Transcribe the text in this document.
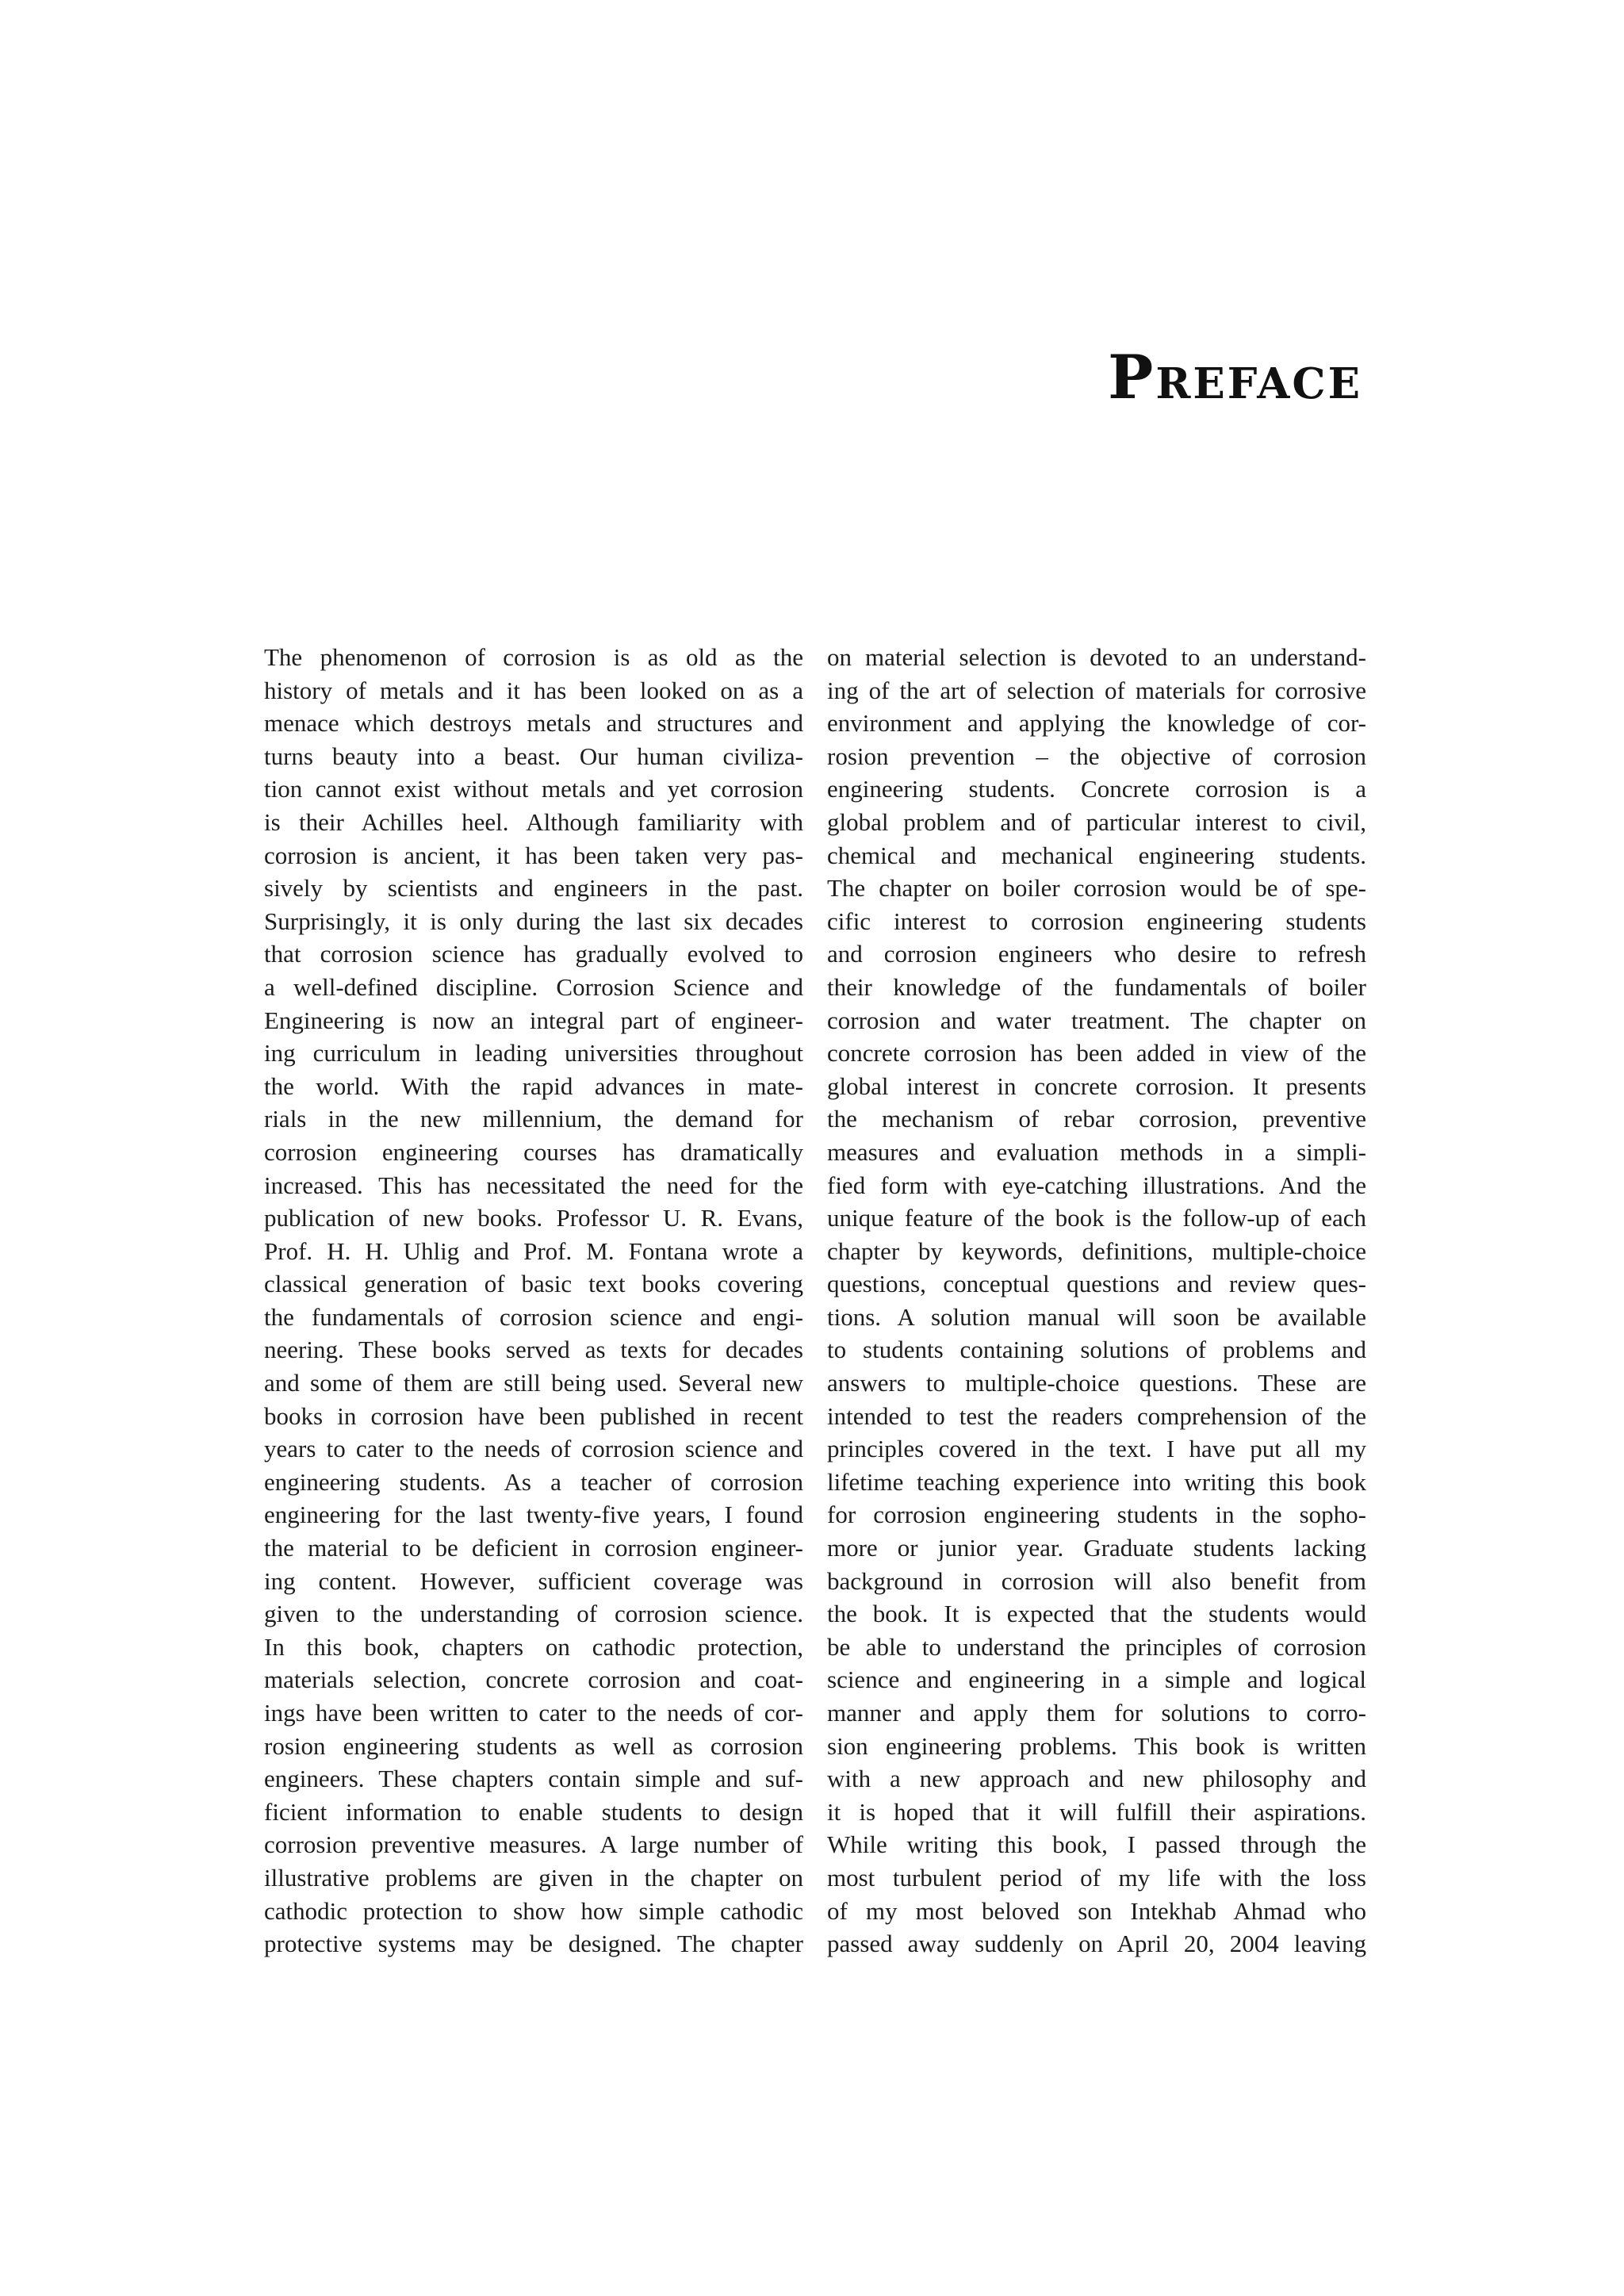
Preface
The phenomenon of corrosion is as old as the
history of metals and it has been looked on as a
menace which destroys metals and structures and
turns beauty into a beast. Our human civiliza-
tion cannot exist without metals and yet corrosion
is their Achilles heel. Although familiarity with
corrosion is ancient, it has been taken very pas-
sively by scientists and engineers in the past.
Surprisingly, it is only during the last six decades
that corrosion science has gradually evolved to
a well-defined discipline. Corrosion Science and
Engineering is now an integral part of engineer-
ing curriculum in leading universities throughout
the world. With the rapid advances in mate-
rials in the new millennium, the demand for
corrosion engineering courses has dramatically
increased. This has necessitated the need for the
publication of new books. Professor U. R. Evans,
Prof. H. H. Uhlig and Prof. M. Fontana wrote a
classical generation of basic text books covering
the fundamentals of corrosion science and engi-
neering. These books served as texts for decades
and some of them are still being used. Several new
books in corrosion have been published in recent
years to cater to the needs of corrosion science and
engineering students. As a teacher of corrosion
engineering for the last twenty-five years, I found
the material to be deficient in corrosion engineer-
ing content. However, sufficient coverage was
given to the understanding of corrosion science.
In this book, chapters on cathodic protection,
materials selection, concrete corrosion and coat-
ings have been written to cater to the needs of cor-
rosion engineering students as well as corrosion
engineers. These chapters contain simple and suf-
ficient information to enable students to design
corrosion preventive measures. A large number of
illustrative problems are given in the chapter on
cathodic protection to show how simple cathodic
protective systems may be designed. The chapter
on material selection is devoted to an understand-
ing of the art of selection of materials for corrosive
environment and applying the knowledge of cor-
rosion prevention – the objective of corrosion
engineering students. Concrete corrosion is a
global problem and of particular interest to civil,
chemical and mechanical engineering students.
The chapter on boiler corrosion would be of spe-
cific interest to corrosion engineering students
and corrosion engineers who desire to refresh
their knowledge of the fundamentals of boiler
corrosion and water treatment. The chapter on
concrete corrosion has been added in view of the
global interest in concrete corrosion. It presents
the mechanism of rebar corrosion, preventive
measures and evaluation methods in a simpli-
fied form with eye-catching illustrations. And the
unique feature of the book is the follow-up of each
chapter by keywords, definitions, multiple-choice
questions, conceptual questions and review ques-
tions. A solution manual will soon be available
to students containing solutions of problems and
answers to multiple-choice questions. These are
intended to test the readers comprehension of the
principles covered in the text. I have put all my
lifetime teaching experience into writing this book
for corrosion engineering students in the sopho-
more or junior year. Graduate students lacking
background in corrosion will also benefit from
the book. It is expected that the students would
be able to understand the principles of corrosion
science and engineering in a simple and logical
manner and apply them for solutions to corro-
sion engineering problems. This book is written
with a new approach and new philosophy and
it is hoped that it will fulfill their aspirations.
While writing this book, I passed through the
most turbulent period of my life with the loss
of my most beloved son Intekhab Ahmad who
passed away suddenly on April 20, 2004 leaving
